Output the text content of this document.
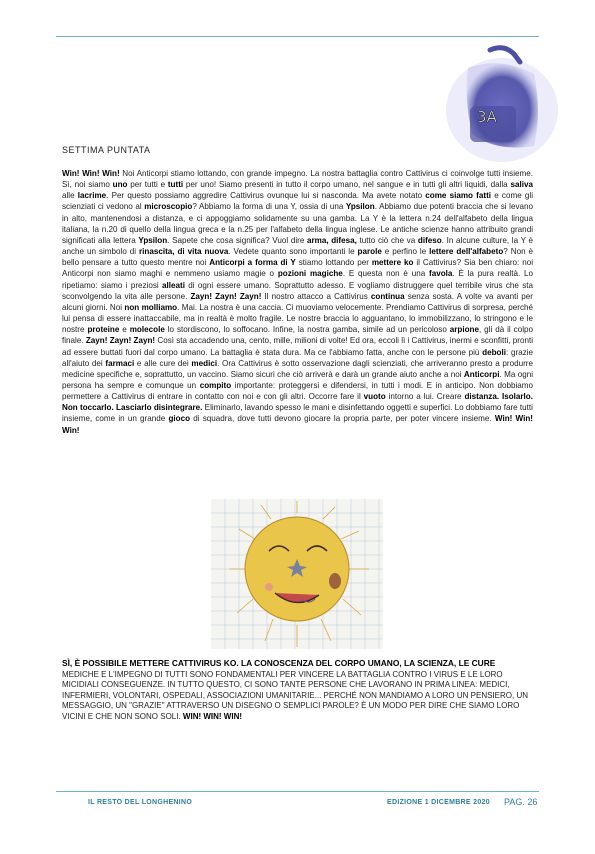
3A
SETTIMA PUNTATA
Win! Win! Win! Noi Anticorpi stiamo lottando, con grande impegno. La nostra battaglia contro Cattivirus ci coinvolge tutti insieme. Sì, noi siamo uno per tutti e tutti per uno! Siamo presenti in tutto il corpo umano, nel sangue e in tutti gli altri liquidi, dalla saliva alle lacrime. Per questo possiamo aggredire Cattivirus ovunque lui si nasconda. Ma avete notato come siamo fatti e come gli scienziati ci vedono al microscopio? Abbiamo la forma di una Y, ossia di una Ypsilon. Abbiamo due potenti braccia che si levano in alto, mantenendosi a distanza, e ci appoggiamo solidamente su una gamba. La Y è la lettera n.24 dell'alfabeto della lingua italiana, la n.20 di quello della lingua greca e la n.25 per l'alfabeto della lingua inglese. Le antiche scienze hanno attribuito grandi significati alla lettera Ypsilon. Sapete che cosa significa? Vuol dire arma, difesa, tutto ciò che va difeso. In alcune culture, la Y è anche un simbolo di rinascita, di vita nuova. Vedete quanto sono importanti le parole e perfino le lettere dell'alfabeto? Non è bello pensare a tutto questo mentre noi Anticorpi a forma di Y stiamo lottando per mettere ko il Cattivirus? Sia ben chiaro: noi Anticorpi non siamo maghi e nemmeno usiamo magie o pozioni magiche. E questa non è una favola. È la pura realtà. Lo ripetiamo: siamo i preziosi alleati di ogni essere umano. Soprattutto adesso. E vogliamo distruggere quel terribile virus che sta sconvolgendo la vita alle persone. Zayn! Zayn! Zayn! Il nostro attacco a Cattivirus continua senza sosta. A volte va avanti per alcuni giorni. Noi non molliamo. Mai. La nostra è una caccia. Ci muoviamo velocemente. Prendiamo Cattivirus di sorpresa, perché lui pensa di essere inattaccabile, ma in realtà è molto fragile. Le nostre braccia lo agguantano, lo immobilizzano, lo stringono e le nostre proteine e molecole lo stordiscono, lo soffocano. Infine, la nostra gamba, simile ad un pericoloso arpione, gli dà il colpo finale. Zayn! Zayn! Zayn! Così sta accadendo una, cento, mille, milioni di volte! Ed ora, eccoli lì i Cattivirus, inermi e sconfitti, pronti ad essere buttati fuori dal corpo umano. La battaglia è stata dura. Ma ce l'abbiamo fatta, anche con le persone più deboli: grazie all'aiuto dei farmaci e alle cure dei medici. Ora Cattivirus è sotto osservazione dagli scienziati, che arriveranno presto a produrre medicine specifiche e, soprattutto, un vaccino. Siamo sicuri che ciò arriverà e darà un grande aiuto anche a noi Anticorpi. Ma ogni persona ha sempre e comunque un compito importante: proteggersi e difendersi, in tutti i modi. E in anticipo. Non dobbiamo permettere a Cattivirus di entrare in contatto con noi e con gli altri. Occorre fare il vuoto intorno a lui. Creare distanza. Isolarlo. Non toccarlo. Lasciarlo disintegrare. Eliminarlo, lavando spesso le mani e disinfettando oggetti e superfici. Lo dobbiamo fare tutti insieme, come in un grande gioco di squadra, dove tutti devono giocare la propria parte, per poter vincere insieme. Win! Win! Win!
SÌ, È POSSIBILE METTERE CATTIVIRUS KO. LA CONOSCENZA DEL CORPO UMANO, LA SCIENZA, LE CURE MEDICHE E L'IMPEGNO DI TUTTI SONO FONDAMENTALI PER VINCERE LA BATTAGLIA CONTRO I VIRUS E LE LORO MICIDIALI CONSEGUENZE. IN TUTTO QUESTO, CI SONO TANTE PERSONE CHE LAVORANO IN PRIMA LINEA: MEDICI, INFERMIERI, VOLONTARI, OSPEDALI, ASSOCIAZIONI UMANITARIE... PERCHÉ NON MANDIAMO A LORO UN PENSIERO, UN MESSAGGIO, UN "GRAZIE" ATTRAVERSO UN DISEGNO O SEMPLICI PAROLE? È UN MODO PER DIRE CHE SIAMO LORO VICINI E CHE NON SONO SOLI. WIN! WIN! WIN!
IL RESTO DEL LONGHENINO	EDIZIONE 1 DICEMBRE 2020 PAG. 26
